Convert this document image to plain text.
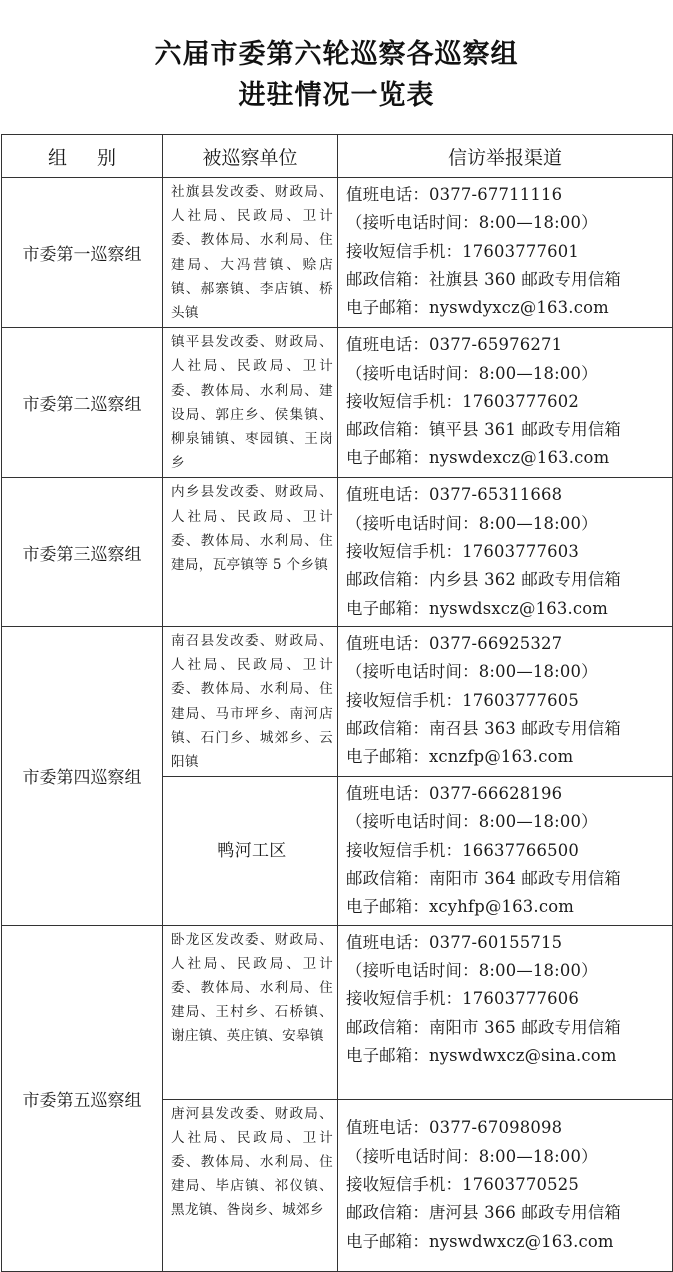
六届市委第六轮巡察各巡察组
进驻情况一览表
组 别	被巡察单位	信访举报渠道
市委第一巡察组	社旗县发改委、财政局、人社局、民政局、卫计委、教体局、水利局、住建局、大冯营镇、赊店镇、郝寨镇、李店镇、桥头镇	值班电话：0377-67711116
（接听电话时间：8:00—18:00）
接收短信手机：17603777601
邮政信箱：社旗县 360 邮政专用信箱
电子邮箱：nyswdyxcz@163.com

市委第二巡察组	镇平县发改委、财政局、人社局、民政局、卫计委、教体局、水利局、建设局、郭庄乡、侯集镇、柳泉铺镇、枣园镇、王岗乡	值班电话：0377-65976271
（接听电话时间：8:00—18:00）
接收短信手机：17603777602
邮政信箱：镇平县 361 邮政专用信箱
电子邮箱：nyswdexcz@163.com

市委第三巡察组	内乡县发改委、财政局、人社局、民政局、卫计委、教体局、水利局、住建局，瓦亭镇等 5 个乡镇	值班电话：0377-65311668
（接听电话时间：8:00—18:00）
接收短信手机：17603777603
邮政信箱：内乡县 362 邮政专用信箱
电子邮箱：nyswdsxcz@163.com

市委第四巡察组	南召县发改委、财政局、人社局、民政局、卫计委、教体局、水利局、住建局、马市坪乡、南河店镇、石门乡、城郊乡、云阳镇	值班电话：0377-66925327
（接听电话时间：8:00—18:00）
接收短信手机：17603777605
邮政信箱：南召县 363 邮政专用信箱
电子邮箱：xcnzfp@163.com

	鸭河工区	值班电话：0377-66628196
（接听电话时间：8:00—18:00）
接收短信手机：16637766500
邮政信箱：南阳市 364 邮政专用信箱
电子邮箱：xcyhfp@163.com

市委第五巡察组	卧龙区发改委、财政局、人社局、民政局、卫计委、教体局、水利局、住建局、王村乡、石桥镇、谢庄镇、英庄镇、安皋镇	值班电话：0377-60155715
（接听电话时间：8:00—18:00）
接收短信手机：17603777606
邮政信箱：南阳市 365 邮政专用信箱
电子邮箱：nyswdwxcz@sina.com

	唐河县发改委、财政局、人社局、民政局、卫计委、教体局、水利局、住建局、毕店镇、祁仪镇、黑龙镇、昝岗乡、城郊乡	值班电话：0377-67098098
（接听电话时间：8:00—18:00）
接收短信手机：17603770525
邮政信箱：唐河县 366 邮政专用信箱
电子邮箱：nyswdwxcz@163.com
